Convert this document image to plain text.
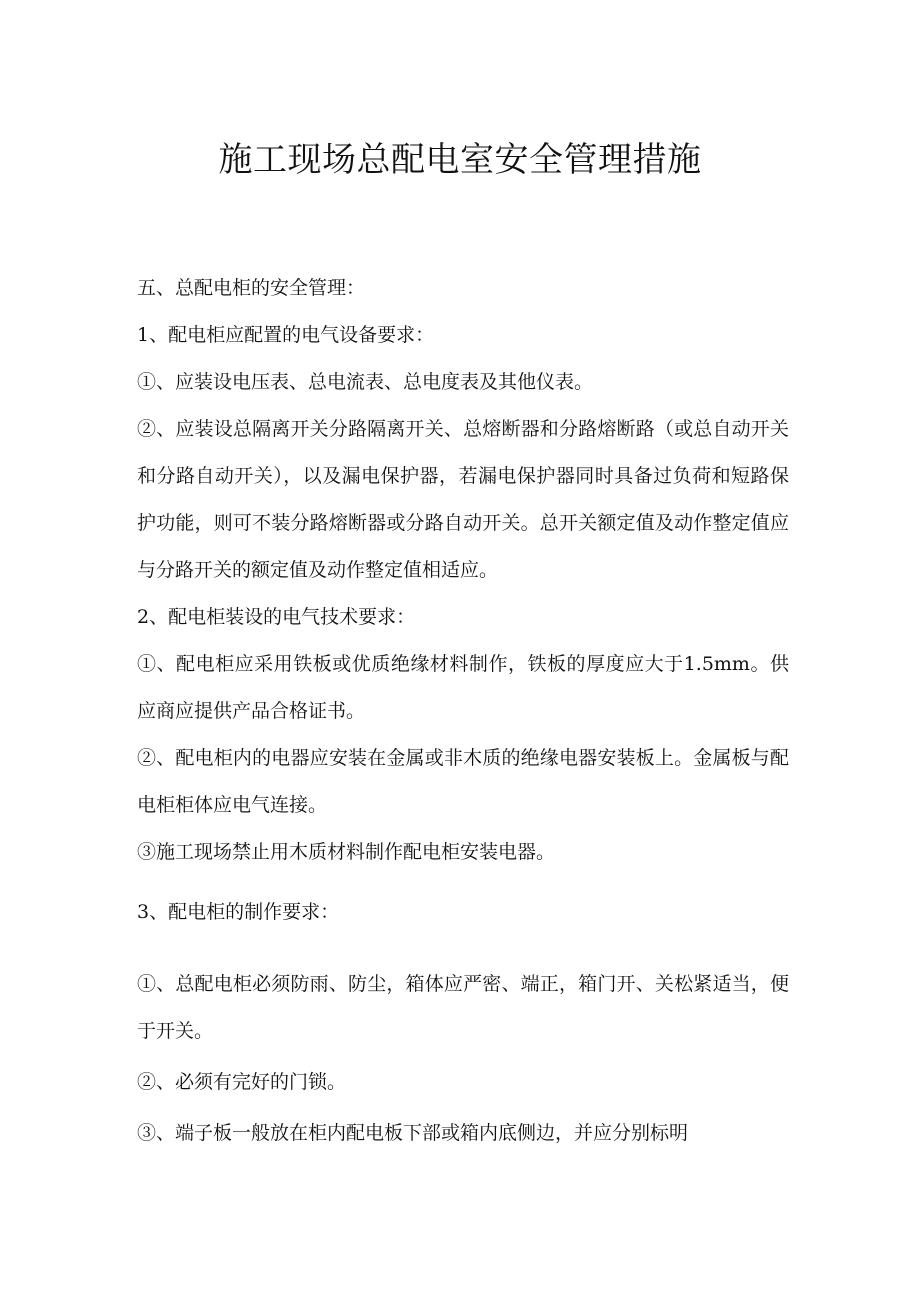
施工现场总配电室安全管理措施

五、总配电柜的安全管理：

1、配电柜应配置的电气设备要求：

①、应装设电压表、总电流表、总电度表及其他仪表。

②、应装设总隔离开关分路隔离开关、总熔断器和分路熔断路（或总自动开关和分路自动开关），以及漏电保护器，若漏电保护器同时具备过负荷和短路保护功能，则可不装分路熔断器或分路自动开关。总开关额定值及动作整定值应与分路开关的额定值及动作整定值相适应。

2、配电柜装设的电气技术要求：

①、配电柜应采用铁板或优质绝缘材料制作，铁板的厚度应大于1.5mm。供应商应提供产品合格证书。

②、配电柜内的电器应安装在金属或非木质的绝缘电器安装板上。金属板与配电柜柜体应电气连接。

③施工现场禁止用木质材料制作配电柜安装电器。

3、配电柜的制作要求：

①、总配电柜必须防雨、防尘，箱体应严密、端正，箱门开、关松紧适当，便于开关。

②、必须有完好的门锁。

③、端子板一般放在柜内配电板下部或箱内底侧边，并应分别标明
